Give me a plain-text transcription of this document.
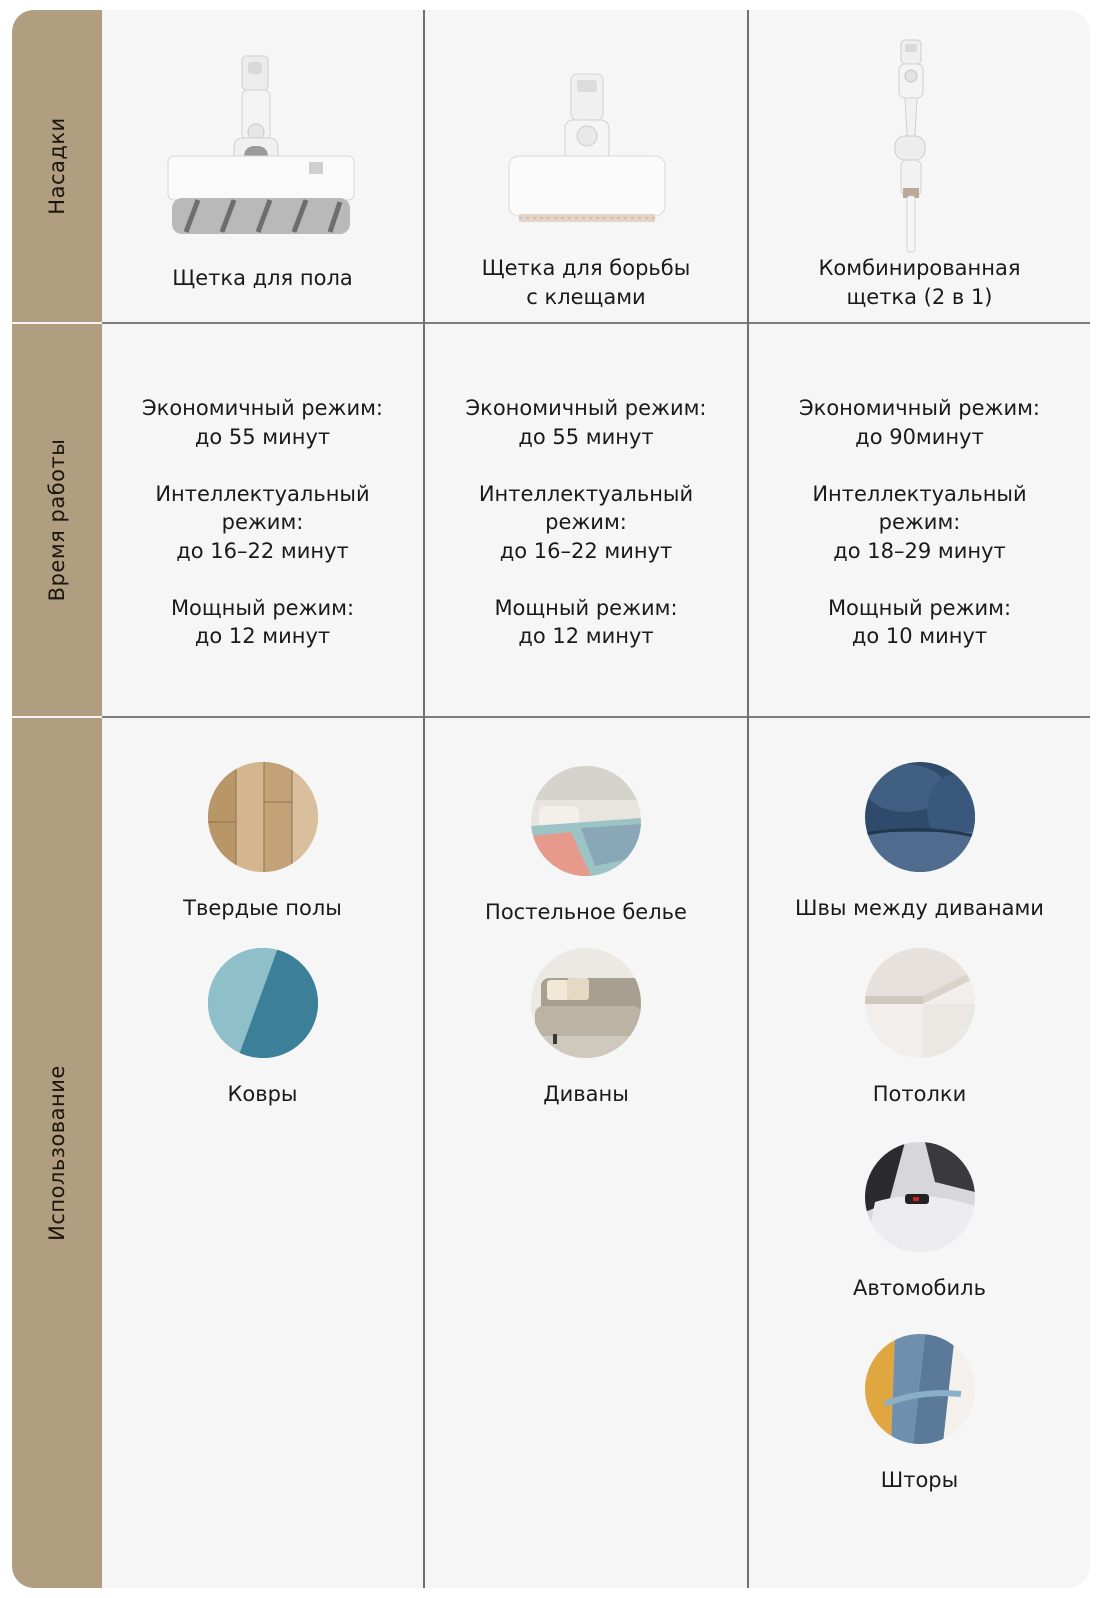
Насадки
Время работы
Использование
Щетка для пола	Щетка для борьбы
с клещами
Комбинированная
щетка (2 в 1)
Экономичный режим:
до 55 минут

Интеллектуальный
режим:
до 16–22 минут

Мощный режим:
до 12 минут
Экономичный режим:
до 55 минут

Интеллектуальный
режим:
до 16–22 минут

Мощный режим:
до 12 минут
Экономичный режим:
до 90минут

Интеллектуальный
режим:
до 18–29 минут

Мощный режим:
до 10 минут
Твердые полы
Ковры
Постельное белье
Диваны
Швы между диванами
Потолки
Автомобиль
Шторы
